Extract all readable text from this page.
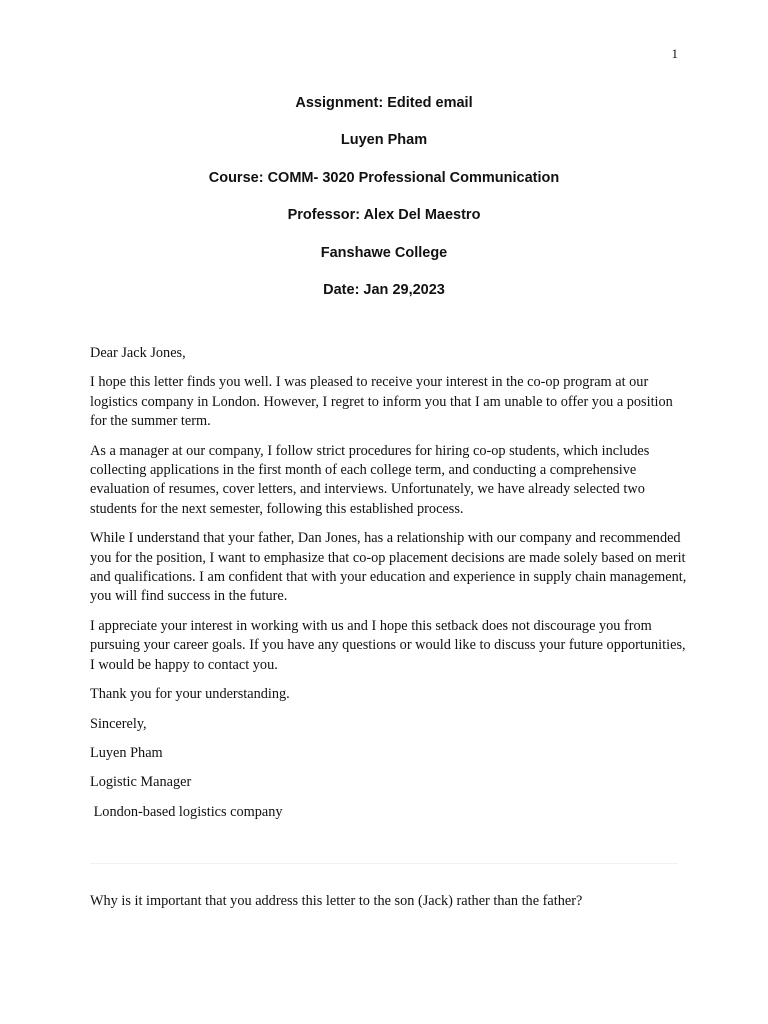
1
Assignment: Edited email
Luyen Pham
Course: COMM- 3020 Professional Communication
Professor: Alex Del Maestro
Fanshawe College
Date: Jan 29,2023

Dear Jack Jones,

I hope this letter finds you well. I was pleased to receive your interest in the co-op program at our logistics company in London. However, I regret to inform you that I am unable to offer you a position for the summer term.

As a manager at our company, I follow strict procedures for hiring co-op students, which includes collecting applications in the first month of each college term, and conducting a comprehensive evaluation of resumes, cover letters, and interviews. Unfortunately, we have already selected two students for the next semester, following this established process.

While I understand that your father, Dan Jones, has a relationship with our company and recommended you for the position, I want to emphasize that co-op placement decisions are made solely based on merit and qualifications. I am confident that with your education and experience in supply chain management, you will find success in the future.

I appreciate your interest in working with us and I hope this setback does not discourage you from pursuing your career goals. If you have any questions or would like to discuss your future opportunities, I would be happy to contact you.

Thank you for your understanding.

Sincerely,

Luyen Pham

Logistic Manager

London-based logistics company

Why is it important that you address this letter to the son (Jack) rather than the father?
